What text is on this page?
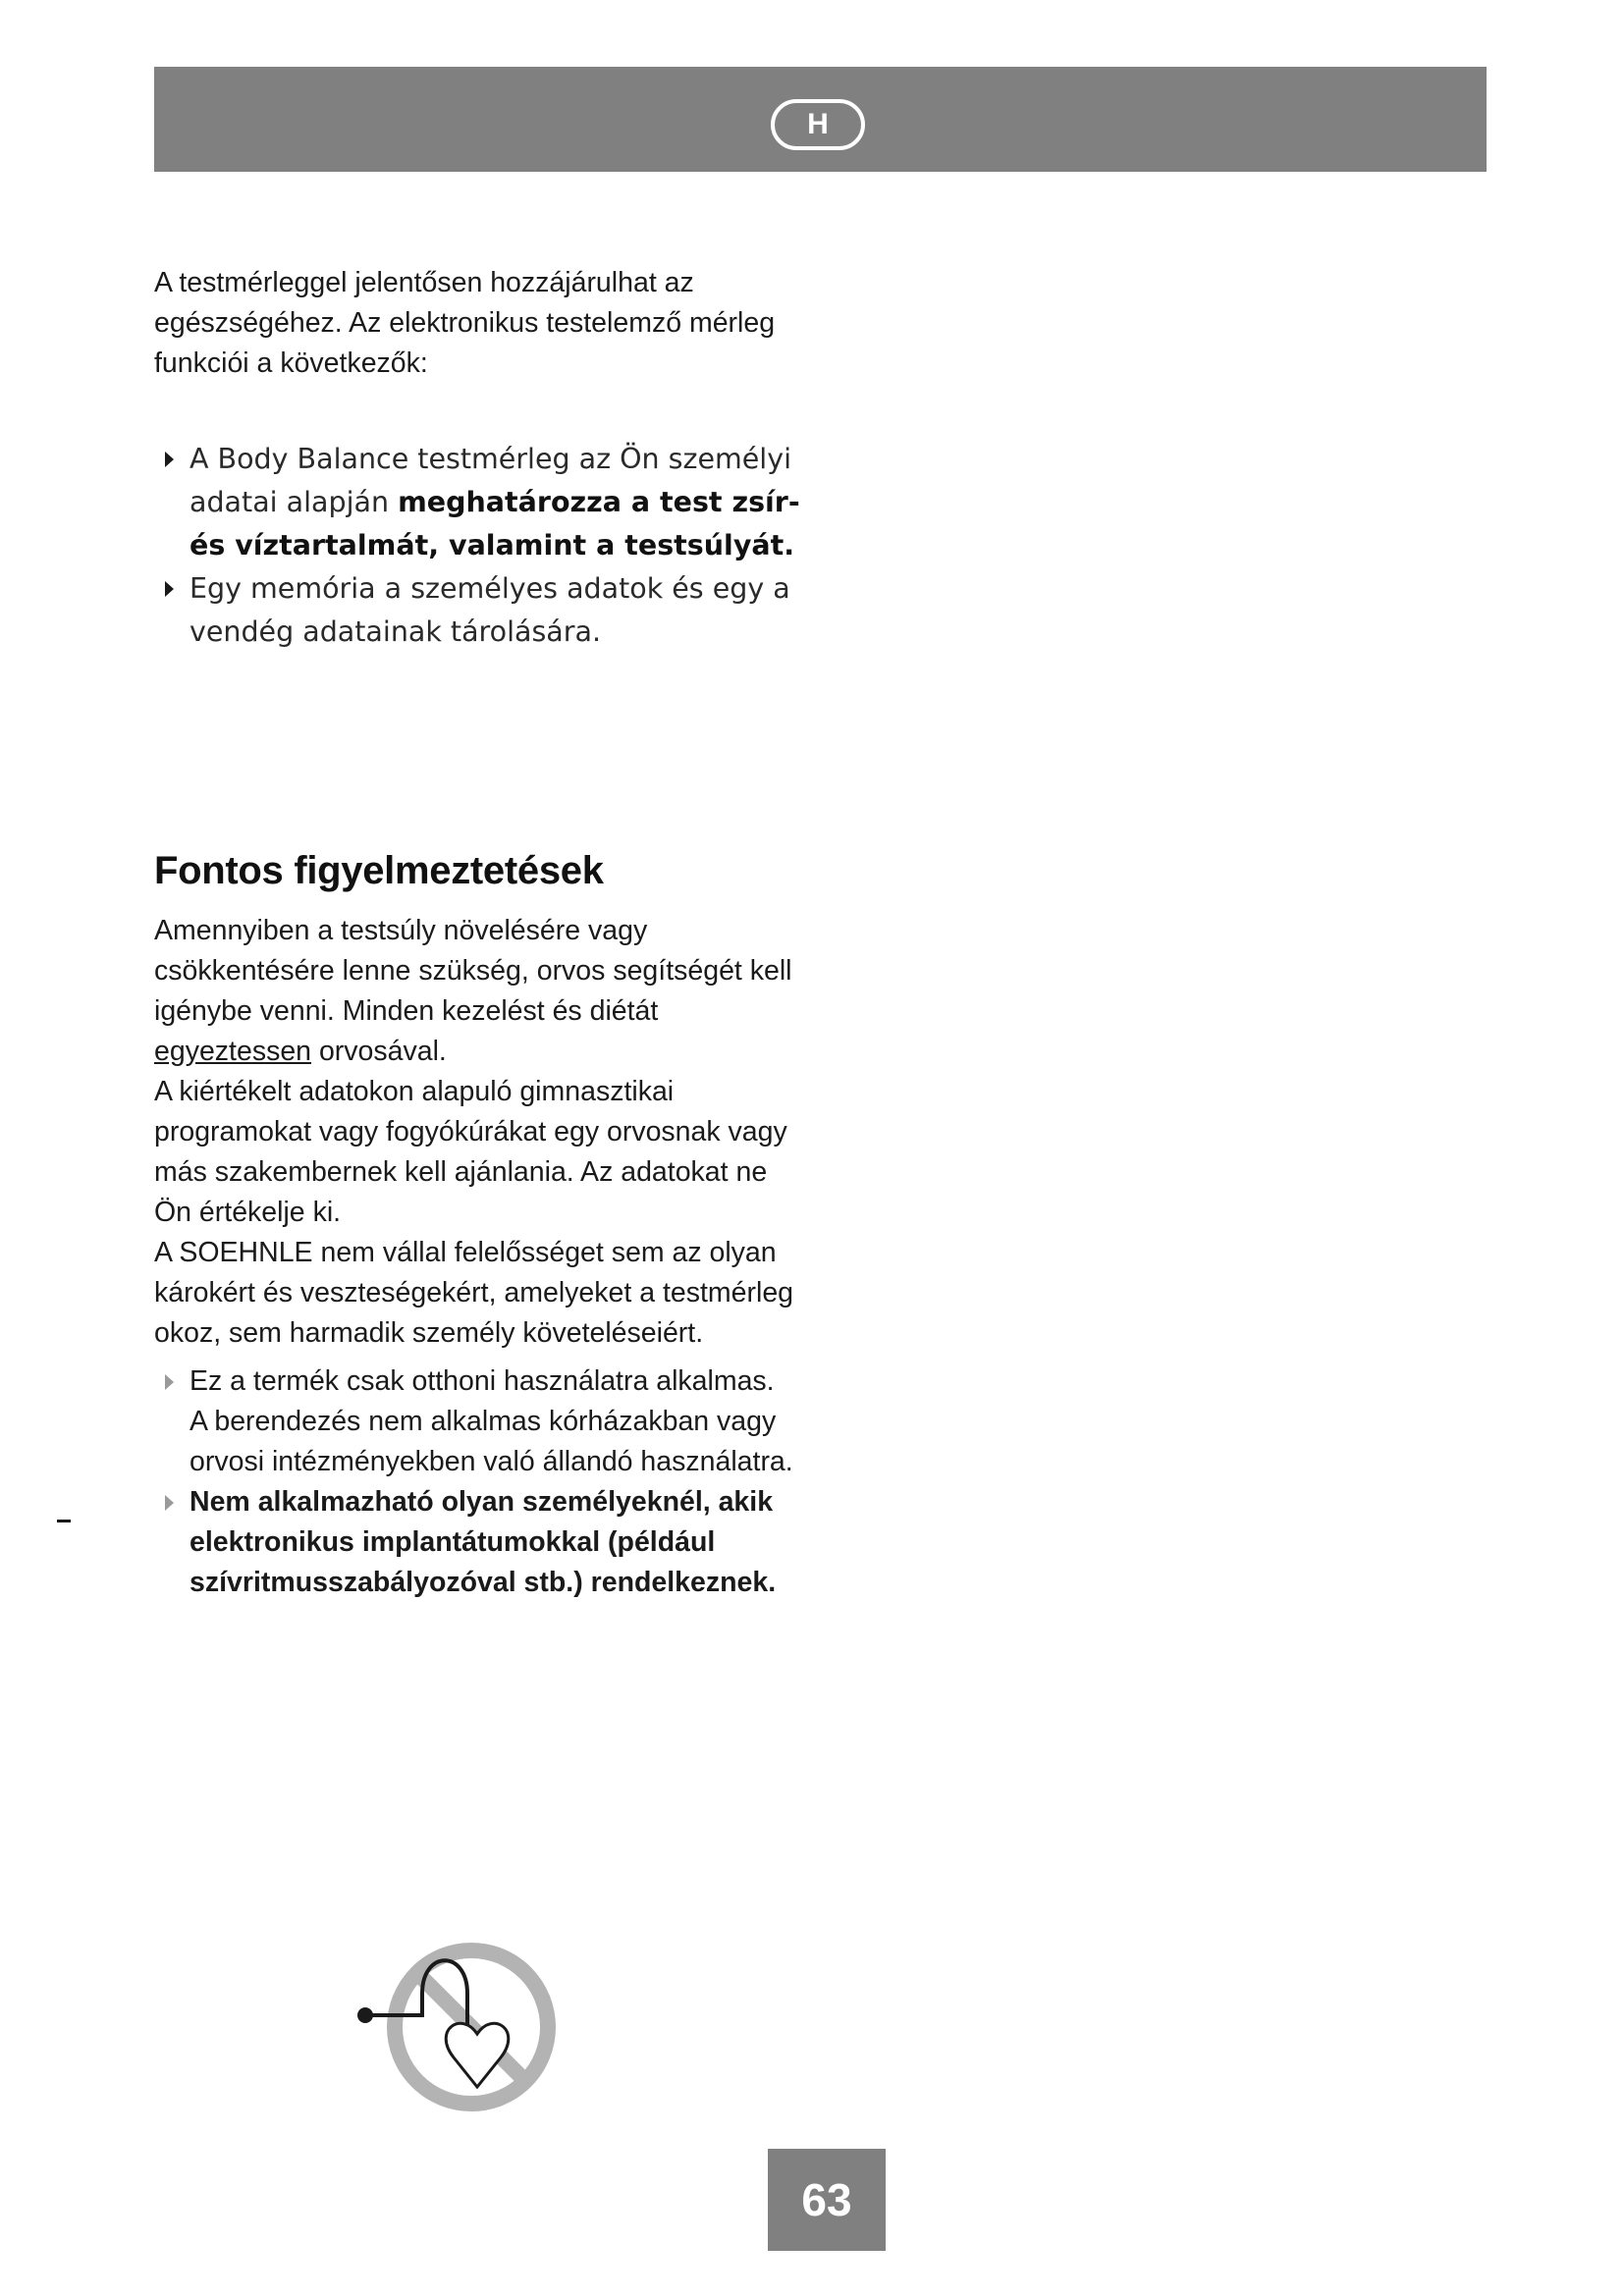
H
A testmérleggel jelentősen hozzájárulhat az
egészségéhez. Az elektronikus testelemző mérleg
funkciói a következők:
A Body Balance testmérleg az Ön személyi
adatai alapján meghatározza a test zsír-
és víztartalmát, valamint a testsúlyát.
Egy memória a személyes adatok és egy a
vendég adatainak tárolására.
Fontos figyelmeztetések
Amennyiben a testsúly növelésére vagy
csökkentésére lenne szükség, orvos segítségét kell
igénybe venni. Minden kezelést és diétát
egyeztessen orvosával.
A kiértékelt adatokon alapuló gimnasztikai
programokat vagy fogyókúrákat egy orvosnak vagy
más szakembernek kell ajánlania. Az adatokat ne
Ön értékelje ki.
A SOEHNLE nem vállal felelősséget sem az olyan
károkért és veszteségekért, amelyeket a testmérleg
okoz, sem harmadik személy követeléseiért.
Ez a termék csak otthoni használatra alkalmas.
A berendezés nem alkalmas kórházakban vagy
orvosi intézményekben való állandó használatra.
Nem alkalmazható olyan személyeknél, akik
elektronikus implantátumokkal (például
szívritmusszabályozóval stb.) rendelkeznek.
63
